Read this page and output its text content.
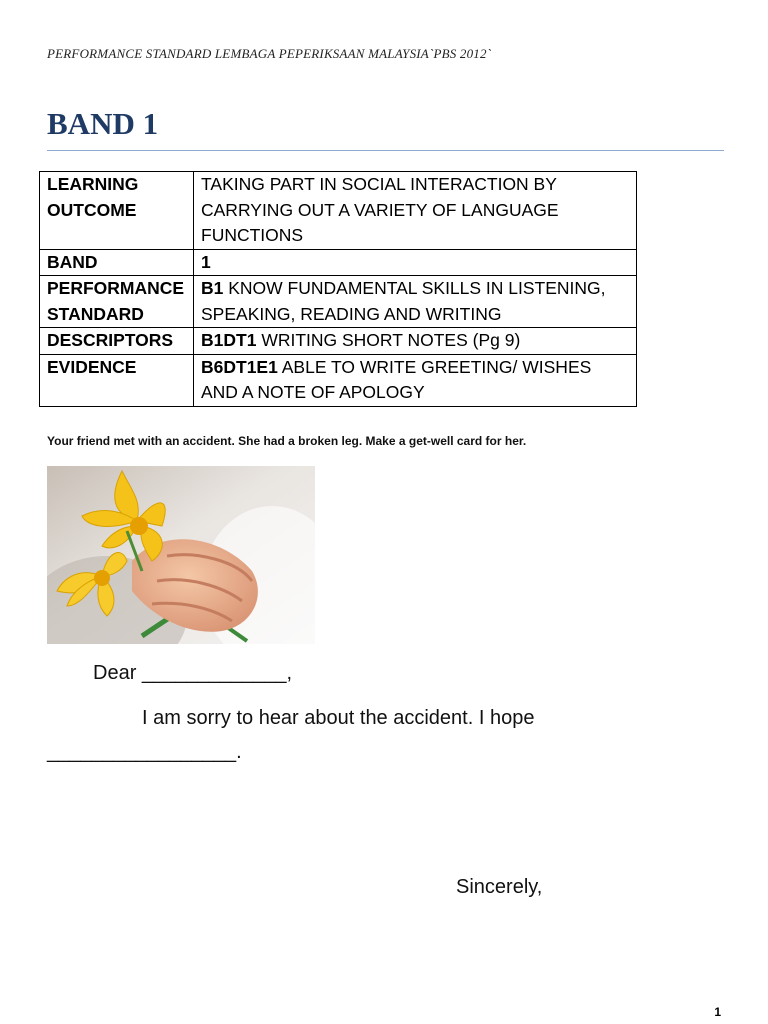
PERFORMANCE STANDARD LEMBAGA PEPERIKSAAN MALAYSIA`PBS 2012`
BAND 1
LEARNING OUTCOME	TAKING PART IN SOCIAL INTERACTION BY CARRYING OUT A VARIETY OF LANGUAGE FUNCTIONS
BAND	1
PERFORMANCE STANDARD	B1 KNOW FUNDAMENTAL SKILLS IN LISTENING, SPEAKING, READING AND WRITING
DESCRIPTORS	B1DT1 WRITING SHORT NOTES (Pg 9)
EVIDENCE	B6DT1E1 ABLE TO WRITE GREETING/ WISHES AND A NOTE OF APOLOGY
Your friend met with an accident. She had a broken leg. Make a get-well card for her.
Dear _____________,
I am sorry to hear about the accident. I hope
_________________.
Sincerely,
1
